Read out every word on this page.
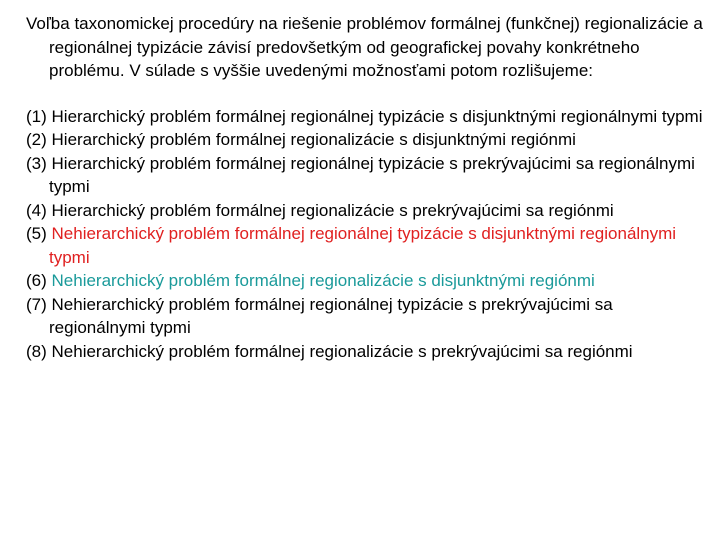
Voľba taxonomickej procedúry na riešenie problémov formálnej (funkčnej) regionalizácie a regionálnej typizácie závisí predovšetkým od geografickej povahy konkrétneho problému. V súlade s vyššie uvedenými možnosťami potom rozlišujeme:

(1) Hierarchický problém formálnej regionálnej typizácie s disjunktnými regionálnymi typmi

(2) Hierarchický problém formálnej regionalizácie s disjunktnými regiónmi

(3) Hierarchický problém formálnej regionálnej typizácie s prekrývajúcimi sa regionálnymi typmi

(4) Hierarchický problém formálnej regionalizácie s prekrývajúcimi sa regiónmi

(5) Nehierarchický problém formálnej regionálnej typizácie s disjunktnými regionálnymi typmi

(6) Nehierarchický problém formálnej regionalizácie s disjunktnými regiónmi

(7) Nehierarchický problém formálnej regionálnej typizácie s prekrývajúcimi sa regionálnymi typmi

(8) Nehierarchický problém formálnej regionalizácie s prekrývajúcimi sa regiónmi
